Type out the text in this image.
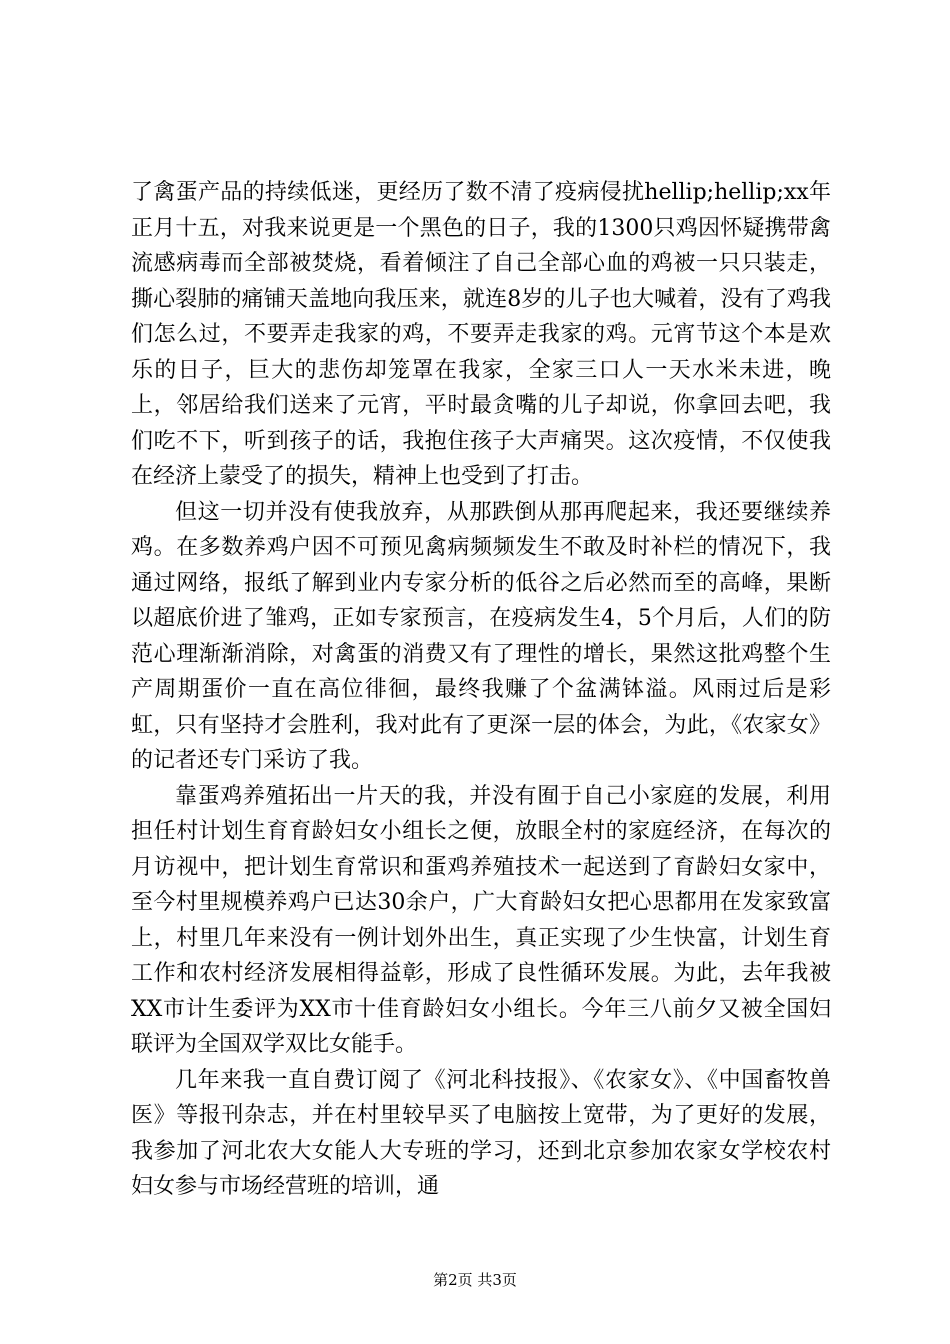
了禽蛋产品的持续低迷，更经历了数不清了疫病侵扰hellip;hellip;xx年正月十五，对我来说更是一个黑色的日子，我的1300只鸡因怀疑携带禽流感病毒而全部被焚烧，看着倾注了自己全部心血的鸡被一只只装走，撕心裂肺的痛铺天盖地向我压来，就连8岁的儿子也大喊着，没有了鸡我们怎么过，不要弄走我家的鸡，不要弄走我家的鸡。元宵节这个本是欢乐的日子，巨大的悲伤却笼罩在我家，全家三口人一天水米未进，晚上，邻居给我们送来了元宵，平时最贪嘴的儿子却说，你拿回去吧，我们吃不下，听到孩子的话，我抱住孩子大声痛哭。这次疫情，不仅使我在经济上蒙受了的损失，精神上也受到了打击。

但这一切并没有使我放弃，从那跌倒从那再爬起来，我还要继续养鸡。在多数养鸡户因不可预见禽病频频发生不敢及时补栏的情况下，我通过网络，报纸了解到业内专家分析的低谷之后必然而至的高峰，果断以超底价进了雏鸡，正如专家预言，在疫病发生4，5个月后，人们的防范心理渐渐消除，对禽蛋的消费又有了理性的增长，果然这批鸡整个生产周期蛋价一直在高位徘徊，最终我赚了个盆满钵溢。风雨过后是彩虹，只有坚持才会胜利，我对此有了更深一层的体会，为此，《农家女》的记者还专门采访了我。

靠蛋鸡养殖拓出一片天的我，并没有囿于自己小家庭的发展，利用担任村计划生育育龄妇女小组长之便，放眼全村的家庭经济，在每次的月访视中，把计划生育常识和蛋鸡养殖技术一起送到了育龄妇女家中，至今村里规模养鸡户已达30余户，广大育龄妇女把心思都用在发家致富上，村里几年来没有一例计划外出生，真正实现了少生快富，计划生育工作和农村经济发展相得益彰，形成了良性循环发展。为此，去年我被XX市计生委评为XX市十佳育龄妇女小组长。今年三八前夕又被全国妇联评为全国双学双比女能手。

几年来我一直自费订阅了《河北科技报》、《农家女》、《中国畜牧兽医》等报刊杂志，并在村里较早买了电脑按上宽带，为了更好的发展，我参加了河北农大女能人大专班的学习，还到北京参加农家女学校农村妇女参与市场经营班的培训，通

第2页 共3页
